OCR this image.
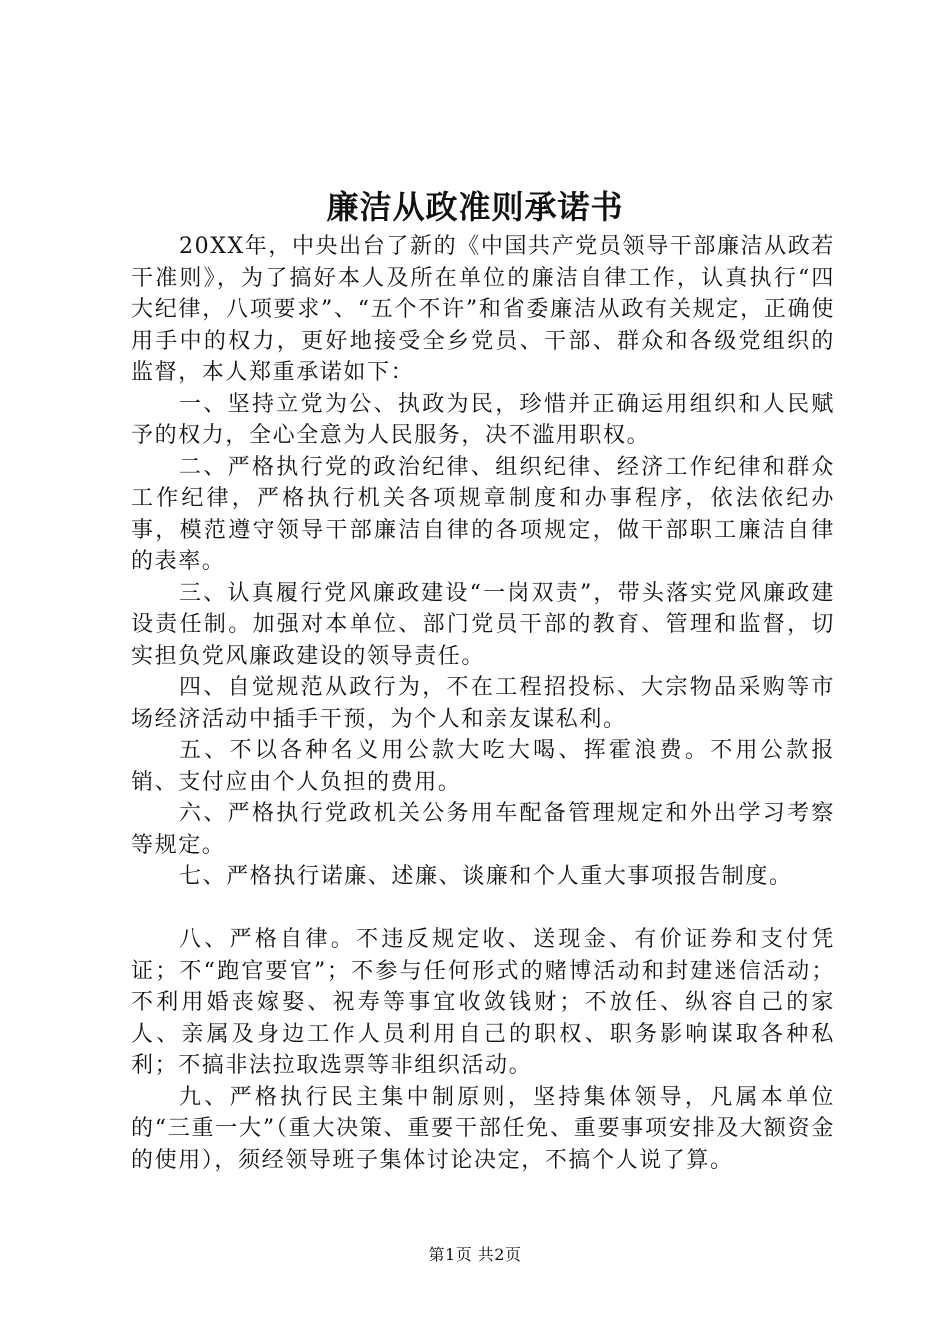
廉洁从政准则承诺书

20XX年，中央出台了新的《中国共产党员领导干部廉洁从政若干准则》，为了搞好本人及所在单位的廉洁自律工作，认真执行“四大纪律，八项要求”、“五个不许”和省委廉洁从政有关规定，正确使用手中的权力，更好地接受全乡党员、干部、群众和各级党组织的监督，本人郑重承诺如下：

一、坚持立党为公、执政为民，珍惜并正确运用组织和人民赋予的权力，全心全意为人民服务，决不滥用职权。

二、严格执行党的政治纪律、组织纪律、经济工作纪律和群众工作纪律，严格执行机关各项规章制度和办事程序，依法依纪办事，模范遵守领导干部廉洁自律的各项规定，做干部职工廉洁自律的表率。

三、认真履行党风廉政建设“一岗双责”，带头落实党风廉政建设责任制。加强对本单位、部门党员干部的教育、管理和监督，切实担负党风廉政建设的领导责任。

四、自觉规范从政行为，不在工程招投标、大宗物品采购等市场经济活动中插手干预，为个人和亲友谋私利。

五、不以各种名义用公款大吃大喝、挥霍浪费。不用公款报销、支付应由个人负担的费用。

六、严格执行党政机关公务用车配备管理规定和外出学习考察等规定。

七、严格执行诺廉、述廉、谈廉和个人重大事项报告制度。

八、严格自律。不违反规定收、送现金、有价证券和支付凭证；不“跑官要官”；不参与任何形式的赌博活动和封建迷信活动；不利用婚丧嫁娶、祝寿等事宜收敛钱财；不放任、纵容自己的家人、亲属及身边工作人员利用自己的职权、职务影响谋取各种私利；不搞非法拉取选票等非组织活动。

九、严格执行民主集中制原则，坚持集体领导，凡属本单位的“三重一大”（重大决策、重要干部任免、重要事项安排及大额资金的使用），须经领导班子集体讨论决定，不搞个人说了算。

第1页 共2页
